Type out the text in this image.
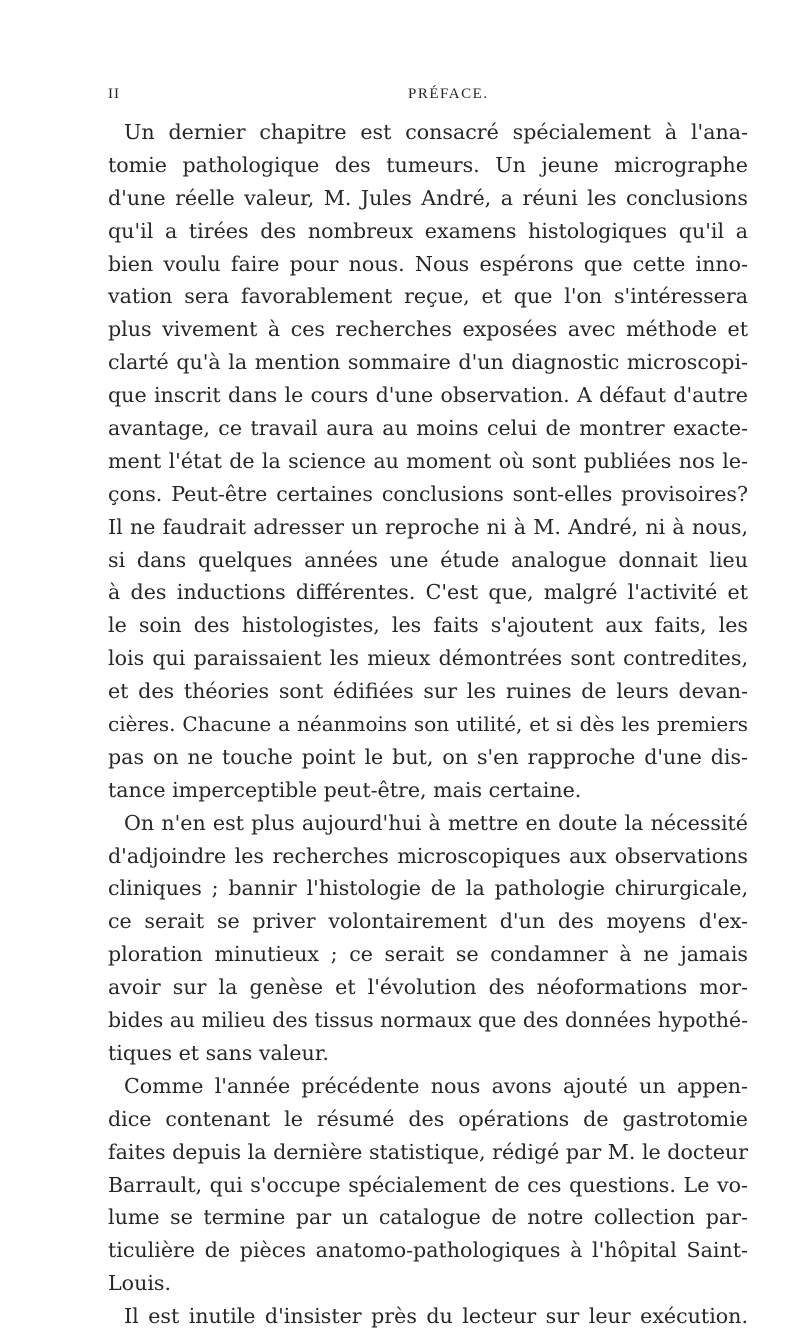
II	PRÉFACE.
Un dernier chapitre est consacré spécialement à l'ana-
tomie pathologique des tumeurs. Un jeune micrographe
d'une réelle valeur, M. Jules André, a réuni les conclusions
qu'il a tirées des nombreux examens histologiques qu'il a
bien voulu faire pour nous. Nous espérons que cette inno-
vation sera favorablement reçue, et que l'on s'intéressera
plus vivement à ces recherches exposées avec méthode et
clarté qu'à la mention sommaire d'un diagnostic microscopi-
que inscrit dans le cours d'une observation. A défaut d'autre
avantage, ce travail aura au moins celui de montrer exacte-
ment l'état de la science au moment où sont publiées nos le-
çons. Peut-être certaines conclusions sont-elles provisoires?
Il ne faudrait adresser un reproche ni à M. André, ni à nous,
si dans quelques années une étude analogue donnait lieu
à des inductions différentes. C'est que, malgré l'activité et
le soin des histologistes, les faits s'ajoutent aux faits, les
lois qui paraissaient les mieux démontrées sont contredites,
et des théories sont édifiées sur les ruines de leurs devan-
cières. Chacune a néanmoins son utilité, et si dès les premiers
pas on ne touche point le but, on s'en rapproche d'une dis-
tance imperceptible peut-être, mais certaine.
On n'en est plus aujourd'hui à mettre en doute la nécessité
d'adjoindre les recherches microscopiques aux observations
cliniques ; bannir l'histologie de la pathologie chirurgicale,
ce serait se priver volontairement d'un des moyens d'ex-
ploration minutieux ; ce serait se condamner à ne jamais
avoir sur la genèse et l'évolution des néoformations mor-
bides au milieu des tissus normaux que des données hypothé-
tiques et sans valeur.
Comme l'année précédente nous avons ajouté un appen-
dice contenant le résumé des opérations de gastrotomie
faites depuis la dernière statistique, rédigé par M. le docteur
Barrault, qui s'occupe spécialement de ces questions. Le vo-
lume se termine par un catalogue de notre collection par-
ticulière de pièces anatomo-pathologiques à l'hôpital Saint-
Louis.
Il est inutile d'insister près du lecteur sur leur exécution.
